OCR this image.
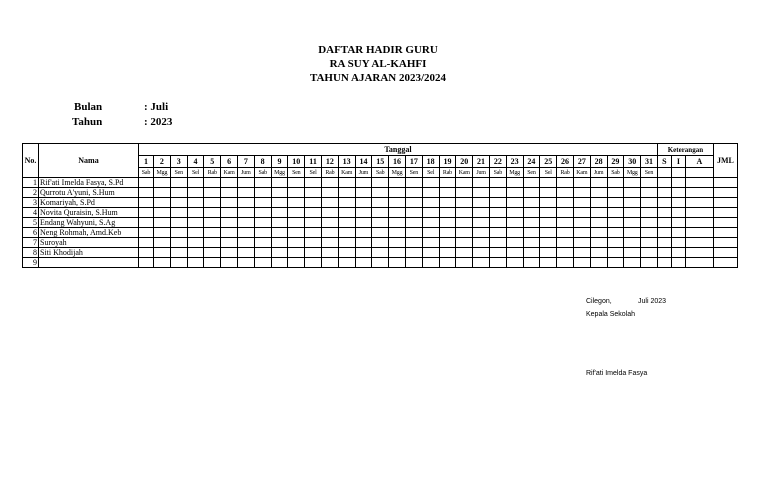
DAFTAR HADIR GURU
RA SUY AL-KAHFI
TAHUN AJARAN 2023/2024
Bulan	: Juli
Tahun	: 2023
No.	Nama	Tanggal																															Keterangan			JML
		1	2	3	4	5	6	7	8	9	10	11	12	13	14	15	16	17	18	19	20	21	22	23	24	25	26	27	28	29	30	31	S	I	A	
		Sab	Mgg	Sen	Sel	Rab	Kam	Jum	Sab	Mgg	Sen	Sel	Rab	Kam	Jum	Sab	Mgg	Sen	Sel	Rab	Kam	Jum	Sab	Mgg	Sen	Sel	Rab	Kam	Jum	Sab	Mgg	Sen				
1	Rif'ati Imelda Fasya, S.Pd																																			
2	Qurrotu A'yuni, S.Hum																																			
3	Komariyah, S.Pd																																			
4	Novita Quraisin, S.Hum																																			
5	Endang Wahyuni, S.Ag																																			
6	Neng Rohmah, Amd.Keb																																			
7	Suroyah																																			
8	Siti Khodijah																																			
9																																				
Cilegon,	Juli 2023
Kepala Sekolah
Rif'ati Imelda Fasya
